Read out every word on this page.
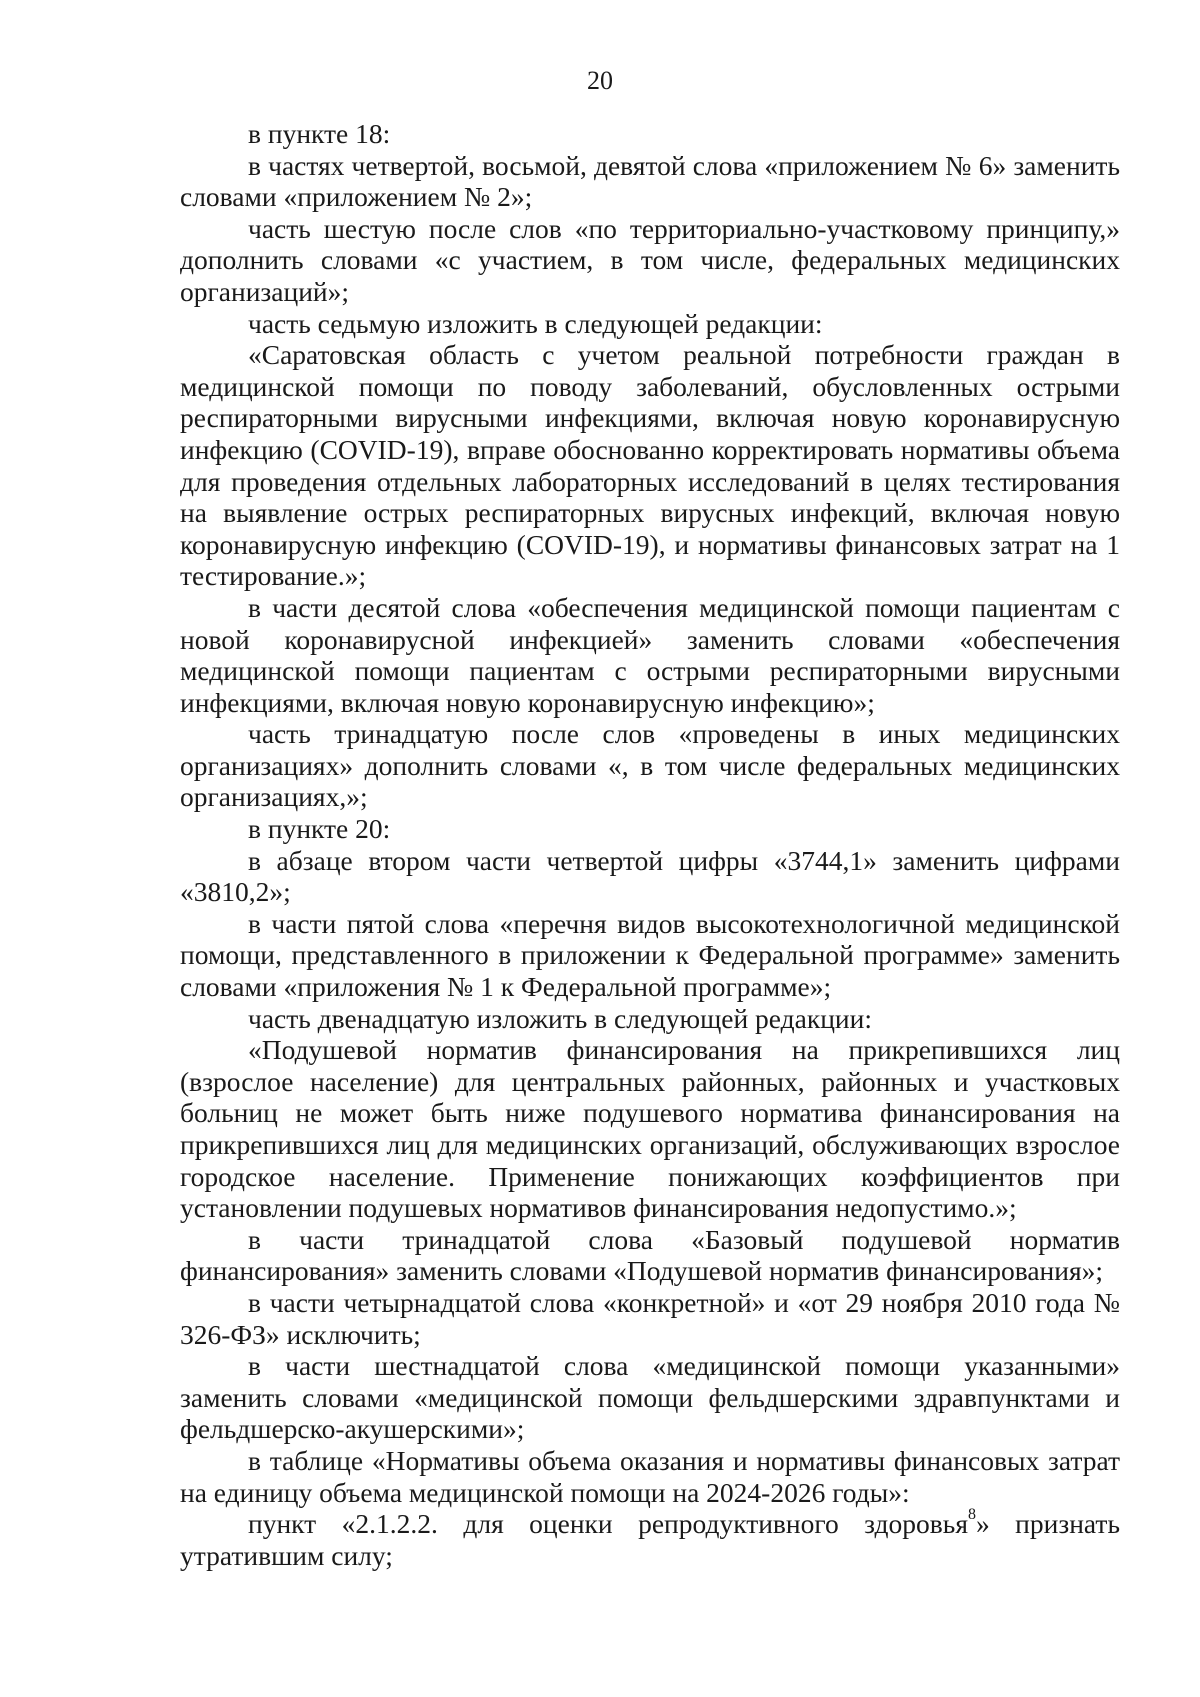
20

в пункте 18:

в частях четвертой, восьмой, девятой слова «приложением № 6» заменить словами «приложением № 2»;

часть шестую после слов «по территориально-участковому принципу,» дополнить словами «с участием, в том числе, федеральных медицинских организаций»;

часть седьмую изложить в следующей редакции:

«Саратовская область с учетом реальной потребности граждан в медицинской помощи по поводу заболеваний, обусловленных острыми респираторными вирусными инфекциями, включая новую коронавирусную инфекцию (COVID-19), вправе обоснованно корректировать нормативы объема для проведения отдельных лабораторных исследований в целях тестирования на выявление острых респираторных вирусных инфекций, включая новую коронавирусную инфекцию (COVID-19), и нормативы финансовых затрат на 1 тестирование.»;

в части десятой слова «обеспечения медицинской помощи пациентам с новой коронавирусной инфекцией» заменить словами «обеспечения медицинской помощи пациентам с острыми респираторными вирусными инфекциями, включая новую коронавирусную инфекцию»;

часть тринадцатую после слов «проведены в иных медицинских организациях» дополнить словами «, в том числе федеральных медицинских организациях,»;

в пункте 20:

в абзаце втором части четвертой цифры «3744,1» заменить цифрами «3810,2»;

в части пятой слова «перечня видов высокотехнологичной медицинской помощи, представленного в приложении к Федеральной программе» заменить словами «приложения № 1 к Федеральной программе»;

часть двенадцатую изложить в следующей редакции:

«Подушевой норматив финансирования на прикрепившихся лиц (взрослое население) для центральных районных, районных и участковых больниц не может быть ниже подушевого норматива финансирования на прикрепившихся лиц для медицинских организаций, обслуживающих взрослое городское население. Применение понижающих коэффициентов при установлении подушевых нормативов финансирования недопустимо.»;

в части тринадцатой слова «Базовый подушевой норматив финансирования» заменить словами «Подушевой норматив финансирования»;

в части четырнадцатой слова «конкретной» и «от 29 ноября 2010 года № 326-ФЗ» исключить;

в части шестнадцатой слова «медицинской помощи указанными» заменить словами «медицинской помощи фельдшерскими здравпунктами и фельдшерско-акушерскими»;

в таблице «Нормативы объема оказания и нормативы финансовых затрат на единицу объема медицинской помощи на 2024-2026 годы»:

пункт «2.1.2.2. для оценки репродуктивного здоровья$^8$» признать утратившим силу;
